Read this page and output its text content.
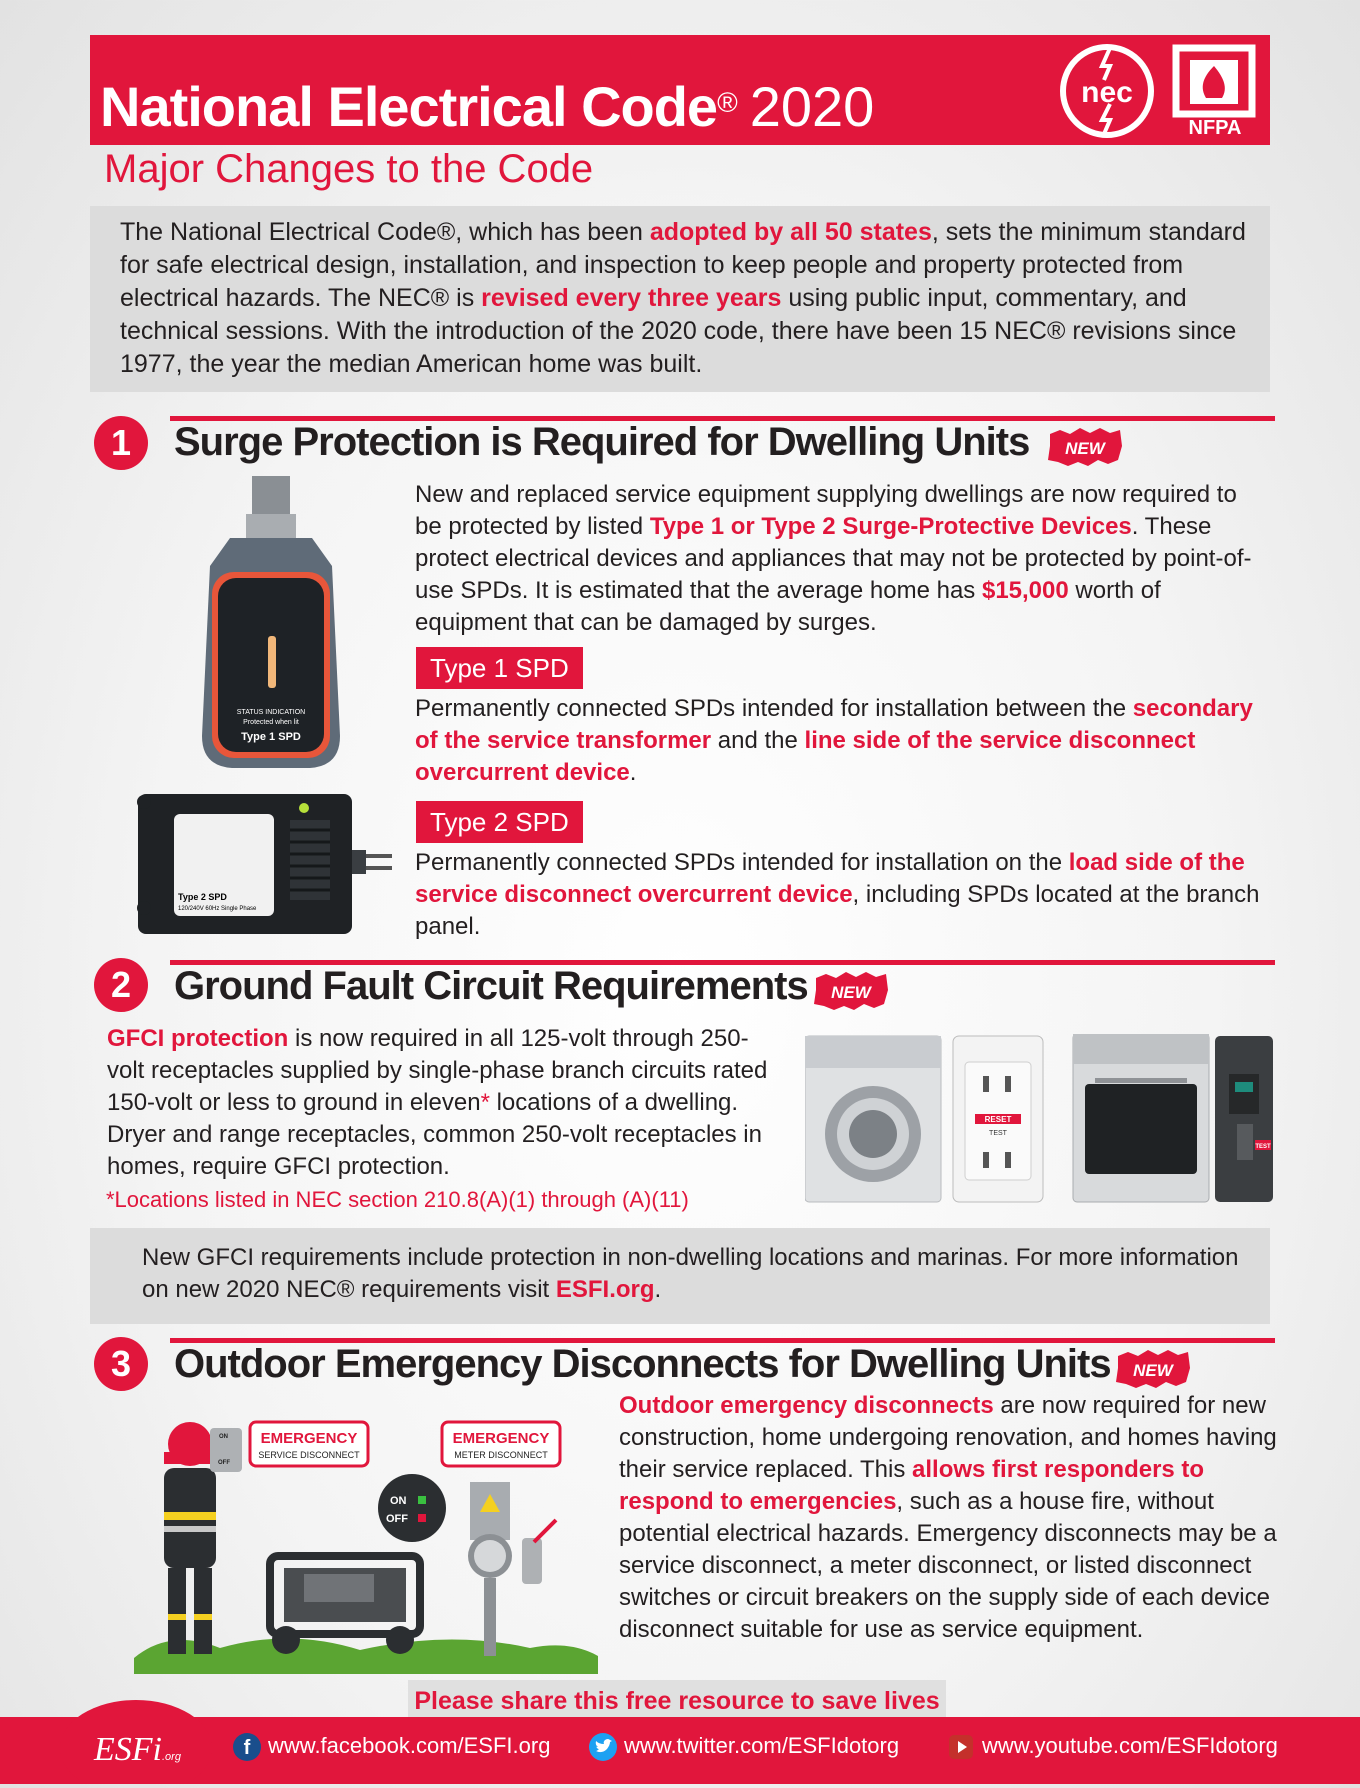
National Electrical Code® 2020	nec
NFPA
Major Changes to the Code

The National Electrical Code®, which has been adopted by all 50 states, sets the minimum standard for safe electrical design, installation, and inspection to keep people and property protected from electrical hazards. The NEC® is revised every three years using public input, commentary, and technical sessions. With the introduction of the 2020 code, there have been 15 NEC® revisions since 1977, the year the median American home was built.

1	Surge Protection is Required for Dwelling Units NEW
STATUS INDICATION
Protected when lit
Type 1 SPD
Type 2 SPD
120/240V 60Hz Single Phase

New and replaced service equipment supplying dwellings are now required to be protected by listed Type 1 or Type 2 Surge-Protective Devices. These protect electrical devices and appliances that may not be protected by point-of-use SPDs. It is estimated that the average home has $15,000 worth of equipment that can be damaged by surges.

Type 1 SPD

Permanently connected SPDs intended for installation between the secondary of the service transformer and the line side of the service disconnect overcurrent device.

Type 2 SPD

Permanently connected SPDs intended for installation on the load side of the service disconnect overcurrent device, including SPDs located at the branch panel.

2	Ground Fault Circuit Requirements NEW

GFCI protection is now required in all 125-volt through 250-volt receptacles supplied by single-phase branch circuits rated 150-volt or less to ground in eleven* locations of a dwelling. Dryer and range receptacles, common 250-volt receptacles in homes, require GFCI protection.

*Locations listed in NEC section 210.8(A)(1) through (A)(11)
RESET
TEST
TEST

New GFCI requirements include protection in non-dwelling locations and marinas. For more information on new 2020 NEC® requirements visit ESFI.org.

3	Outdoor Emergency Disconnects for Dwelling Units NEW
ON
OFF
EMERGENCY
SERVICE DISCONNECT
EMERGENCY
METER DISCONNECT
ON
OFF

Outdoor emergency disconnects are now required for new construction, home undergoing renovation, and homes having their service replaced. This allows first responders to respond to emergencies, such as a house fire, without potential electrical hazards. Emergency disconnects may be a service disconnect, a meter disconnect, or listed disconnect switches or circuit breakers on the supply side of each device disconnect suitable for use as service equipment.

Please share this free resource to save lives
ESFi .org	f www.facebook.com/ESFI.org	www.twitter.com/ESFIdotorg	www.youtube.com/ESFIdotorg
